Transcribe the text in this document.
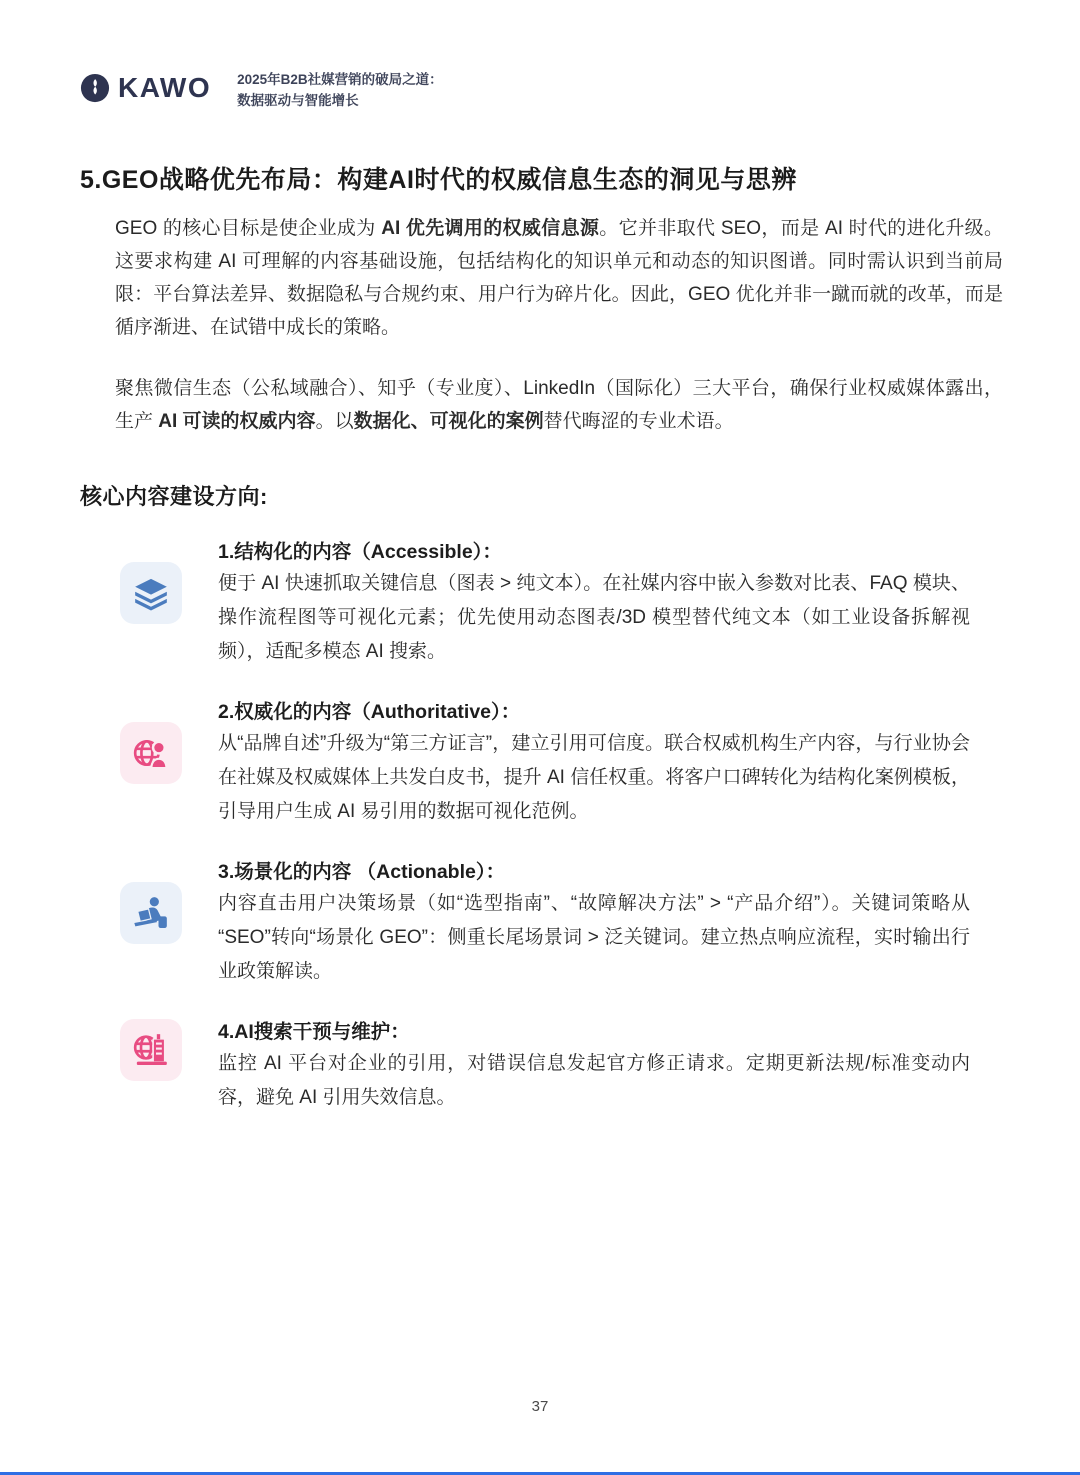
KAWO 2025年B2B社媒营销的破局之道：
数据驱动与智能增长
5.GEO战略优先布局：构建AI时代的权威信息生态的洞见与思辨

GEO 的核心目标是使企业成为 AI 优先调用的权威信息源。它并非取代 SEO，而是 AI 时代的进化升级。这要求构建 AI 可理解的内容基础设施，包括结构化的知识单元和动态的知识图谱。同时需认识到当前局限：平台算法差异、数据隐私与合规约束、用户行为碎片化。因此，GEO 优化并非一蹴而就的改革，而是循序渐进、在试错中成长的策略。

聚焦微信生态（公私域融合）、知乎（专业度）、LinkedIn（国际化）三大平台，确保行业权威媒体露出，生产 AI 可读的权威内容。以数据化、可视化的案例替代晦涩的专业术语。

核心内容建设方向:
1.结构化的内容（Accessible）：
便于 AI 快速抓取关键信息（图表 > 纯文本）。在社媒内容中嵌入参数对比表、FAQ 模块、操作流程图等可视化元素；优先使用动态图表/3D 模型替代纯文本（如工业设备拆解视频），适配多模态 AI 搜索。
2.权威化的内容（Authoritative）：
从“品牌自述”升级为“第三方证言”，建立引用可信度。联合权威机构生产内容，与行业协会在社媒及权威媒体上共发白皮书，提升 AI 信任权重。将客户口碑转化为结构化案例模板，引导用户生成 AI 易引用的数据可视化范例。
3.场景化的内容 （Actionable）：
内容直击用户决策场景（如“选型指南”、“故障解决方法” > “产品介绍”）。关键词策略从“SEO”转向“场景化 GEO”：侧重长尾场景词 > 泛关键词。建立热点响应流程，实时输出行业政策解读。
4.AI搜索干预与维护：
监控 AI 平台对企业的引用，对错误信息发起官方修正请求。定期更新法规/标准变动内容，避免 AI 引用失效信息。
37
